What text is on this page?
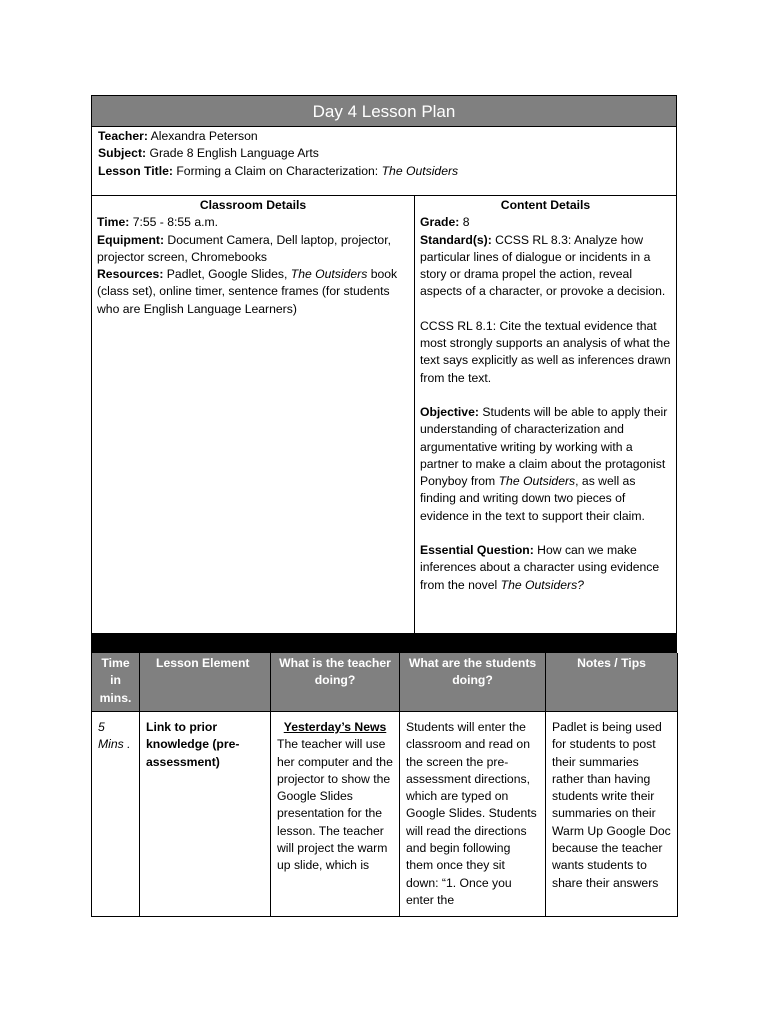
Day 4 Lesson Plan
Teacher: Alexandra Peterson
Subject: Grade 8 English Language Arts
Lesson Title: Forming a Claim on Characterization: The Outsiders
Classroom Details
Time: 7:55 - 8:55 a.m.
Equipment: Document Camera, Dell laptop, projector, projector screen, Chromebooks
Resources: Padlet, Google Slides, The Outsiders book (class set), online timer, sentence frames (for students who are English Language Learners)
Content Details
Grade: 8
Standard(s): CCSS RL 8.3: Analyze how particular lines of dialogue or incidents in a story or drama propel the action, reveal aspects of a character, or provoke a decision.
CCSS RL 8.1: Cite the textual evidence that most strongly supports an analysis of what the text says explicitly as well as inferences drawn from the text.
Objective: Students will be able to apply their understanding of characterization and argumentative writing by working with a partner to make a claim about the protagonist Ponyboy from The Outsiders, as well as finding and writing down two pieces of evidence in the text to support their claim.
Essential Question: How can we make inferences about a character using evidence from the novel The Outsiders?
Time in mins.
Lesson Element	What is the teacher doing?
What are the students doing?
Notes / Tips
5 Mins .
Link to prior knowledge (pre-assessment)
Yesterday’s News
The teacher will use her computer and the projector to show the Google Slides presentation for the lesson. The teacher will project the warm up slide, which is
Students will enter the classroom and read on the screen the pre-assessment directions, which are typed on Google Slides. Students will read the directions and begin following them once they sit down: “1. Once you enter the
Padlet is being used for students to post their summaries rather than having students write their summaries on their Warm Up Google Doc because the teacher wants students to share their answers
